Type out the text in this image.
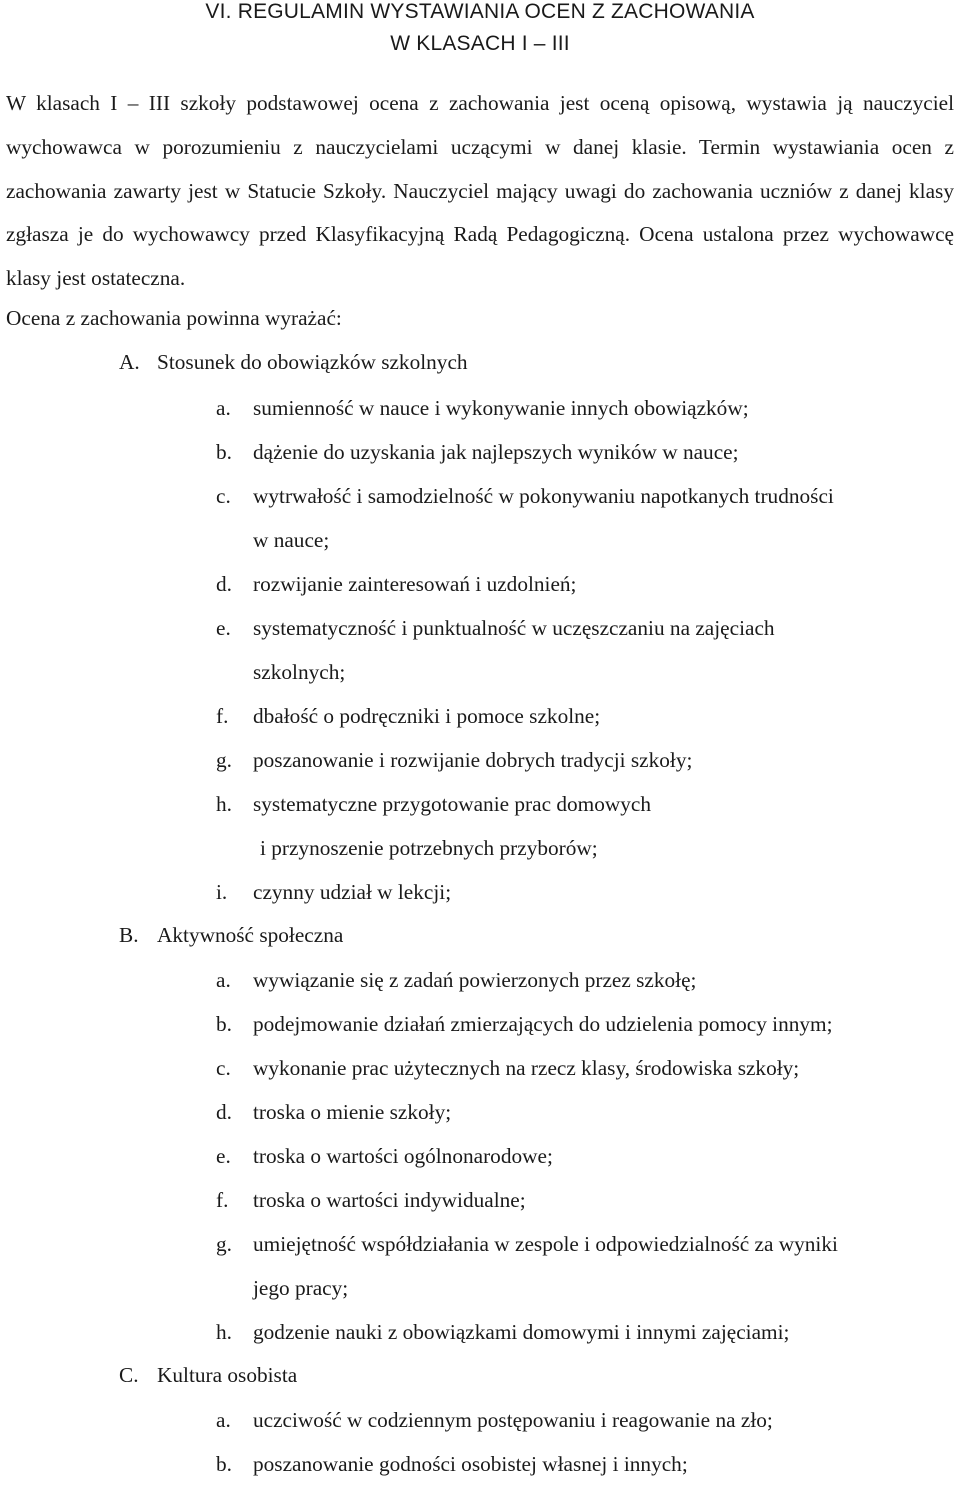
VI. REGULAMIN WYSTAWIANIA OCEN Z ZACHOWANIA
W KLASACH I – III

W klasach I – III szkoły podstawowej ocena z zachowania jest oceną opisową, wystawia ją nauczyciel wychowawca w porozumieniu z nauczycielami uczącymi w danej klasie. Termin wystawiania ocen z zachowania zawarty jest w Statucie Szkoły. Nauczyciel mający uwagi do zachowania uczniów z danej klasy zgłasza je do wychowawcy przed Klasyfikacyjną Radą Pedagogiczną. Ocena ustalona przez wychowawcę klasy jest ostateczna.

Ocena z zachowania powinna wyrażać:
A. Stosunek do obowiązków szkolnych
a. sumienność w nauce i wykonywanie innych obowiązków;
b. dążenie do uzyskania jak najlepszych wyników w nauce;
c. wytrwałość i samodzielność w pokonywaniu napotkanych trudności
w nauce;
d. rozwijanie zainteresowań i uzdolnień;
e. systematyczność i punktualność w uczęszczaniu na zajęciach
szkolnych;
f. dbałość o podręczniki i pomoce szkolne;
g. poszanowanie i rozwijanie dobrych tradycji szkoły;
h. systematyczne przygotowanie prac domowych
i przynoszenie potrzebnych przyborów;
i. czynny udział w lekcji;
B. Aktywność społeczna
a. wywiązanie się z zadań powierzonych przez szkołę;
b. podejmowanie działań zmierzających do udzielenia pomocy innym;
c. wykonanie prac użytecznych na rzecz klasy, środowiska szkoły;
d. troska o mienie szkoły;
e. troska o wartości ogólnonarodowe;
f. troska o wartości indywidualne;
g. umiejętność współdziałania w zespole i odpowiedzialność za wyniki
jego pracy;
h. godzenie nauki z obowiązkami domowymi i innymi zajęciami;
C. Kultura osobista
a. uczciwość w codziennym postępowaniu i reagowanie na zło;
b. poszanowanie godności osobistej własnej i innych;
